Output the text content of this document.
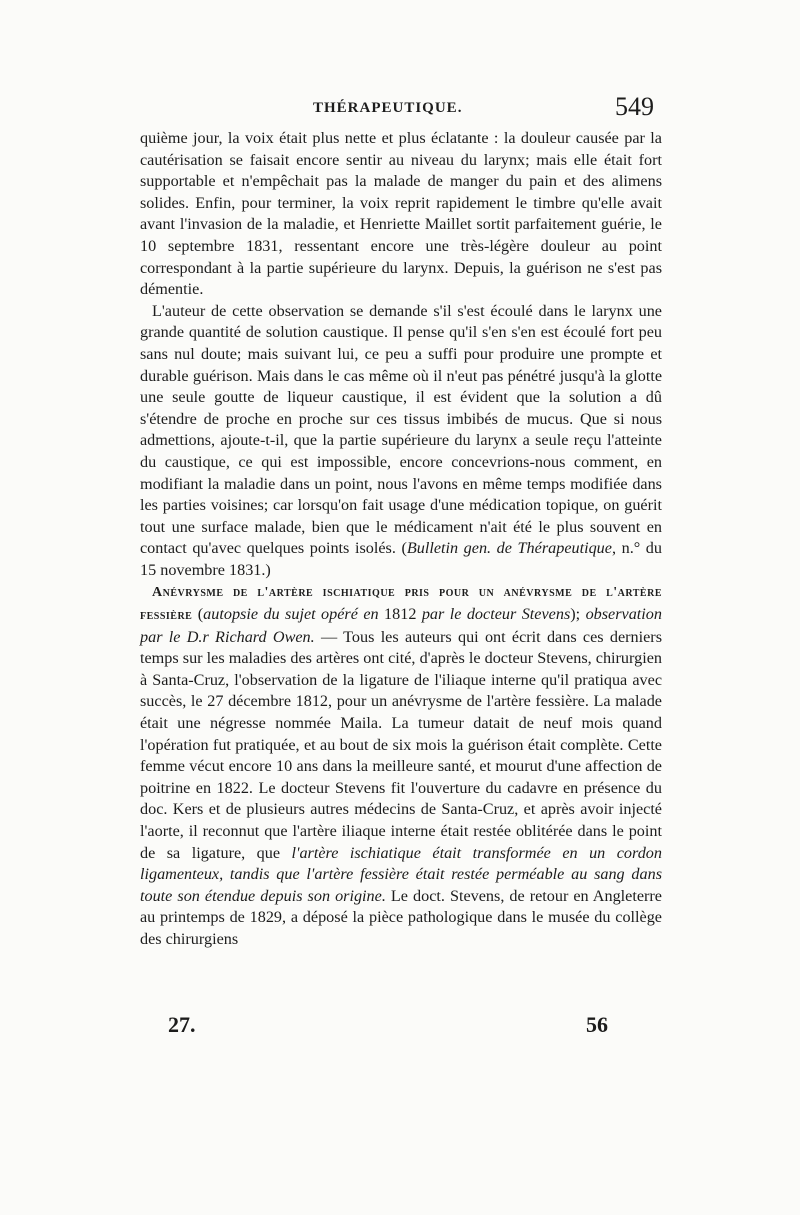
THÉRAPEUTIQUE.	549

quième jour, la voix était plus nette et plus éclatante : la douleur causée par la cautérisation se faisait encore sentir au niveau du larynx; mais elle était fort supportable et n'empêchait pas la malade de manger du pain et des alimens solides. Enfin, pour terminer, la voix reprit rapidement le timbre qu'elle avait avant l'invasion de la maladie, et Henriette Maillet sortit parfaitement guérie, le 10 septembre 1831, ressentant encore une très-légère douleur au point correspondant à la partie supérieure du larynx. Depuis, la guérison ne s'est pas démentie.

L'auteur de cette observation se demande s'il s'est écoulé dans le larynx une grande quantité de solution caustique. Il pense qu'il s'en s'en est écoulé fort peu sans nul doute; mais suivant lui, ce peu a suffi pour produire une prompte et durable guérison. Mais dans le cas même où il n'eut pas pénétré jusqu'à la glotte une seule goutte de liqueur caustique, il est évident que la solution a dû s'étendre de proche en proche sur ces tissus imbibés de mucus. Que si nous admettions, ajoute-t-il, que la partie supérieure du larynx a seule reçu l'atteinte du caustique, ce qui est impossible, encore concevrions-nous comment, en modifiant la maladie dans un point, nous l'avons en même temps modifiée dans les parties voisines; car lorsqu'on fait usage d'une médication topique, on guérit tout une surface malade, bien que le médicament n'ait été le plus souvent en contact qu'avec quelques points isolés. (Bulletin gen. de Thérapeutique, n.° du 15 novembre 1831.)

Anévrysme de l'artère ischiatique pris pour un anévrysme de l'artère fessière (autopsie du sujet opéré en 1812 par le docteur Stevens); observation par le D.r Richard Owen. — Tous les auteurs qui ont écrit dans ces derniers temps sur les maladies des artères ont cité, d'après le docteur Stevens, chirurgien à Santa-Cruz, l'observation de la ligature de l'iliaque interne qu'il pratiqua avec succès, le 27 décembre 1812, pour un anévrysme de l'artère fessière. La malade était une négresse nommée Maila. La tumeur datait de neuf mois quand l'opération fut pratiquée, et au bout de six mois la guérison était complète. Cette femme vécut encore 10 ans dans la meilleure santé, et mourut d'une affection de poitrine en 1822. Le docteur Stevens fit l'ouverture du cadavre en présence du doc. Kers et de plusieurs autres médecins de Santa-Cruz, et après avoir injecté l'aorte, il reconnut que l'artère iliaque interne était restée oblitérée dans le point de sa ligature, que l'artère ischiatique était transformée en un cordon ligamenteux, tandis que l'artère fessière était restée perméable au sang dans toute son étendue depuis son origine. Le doct. Stevens, de retour en Angleterre au printemps de 1829, a déposé la pièce pathologique dans le musée du collège des chirurgiens

27.	56
